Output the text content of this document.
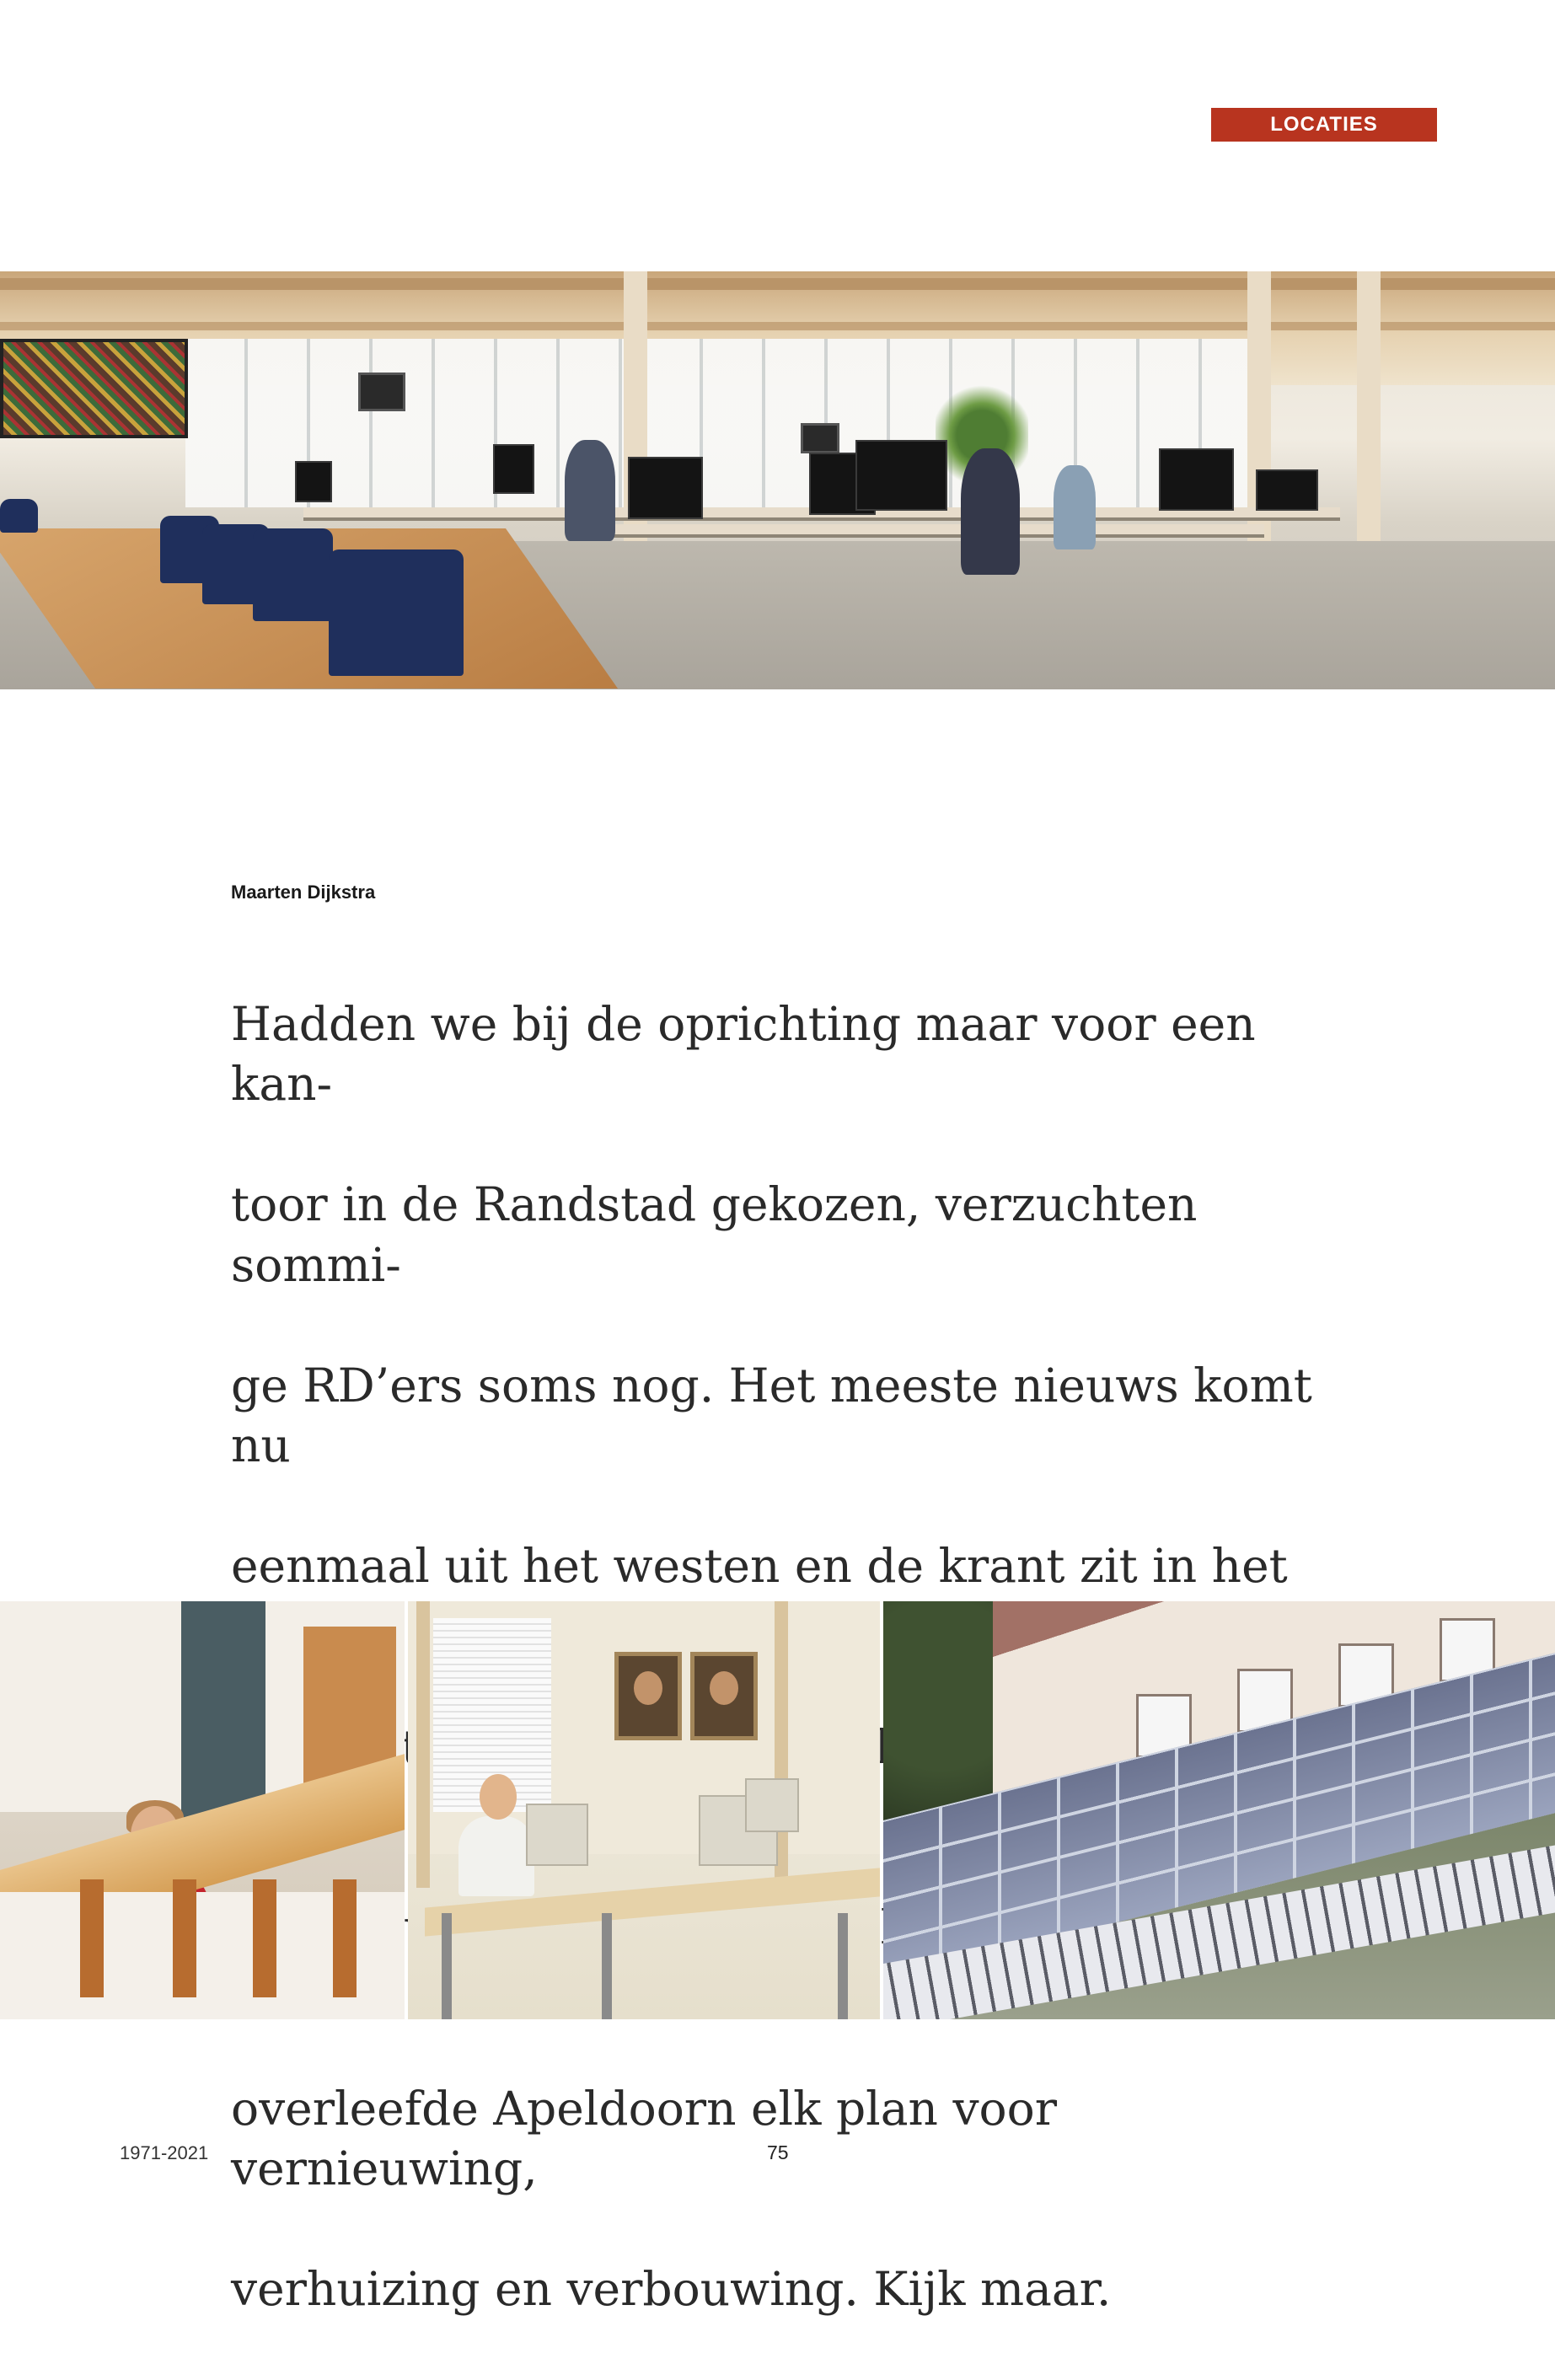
LOCATIES
Maarten Dijkstra

Hadden we bij de oprichting maar voor een kan-

toor in de Randstad gekozen, verzuchten sommi-

ge RD’ers soms nog. Het meeste nieuws komt nu

eenmaal uit het westen en de krant zit in het

overleefde Apeldoorn elk plan voor vernieuwing,

verhuizing en verbouwing. Kijk maar.

1971-2021	75
